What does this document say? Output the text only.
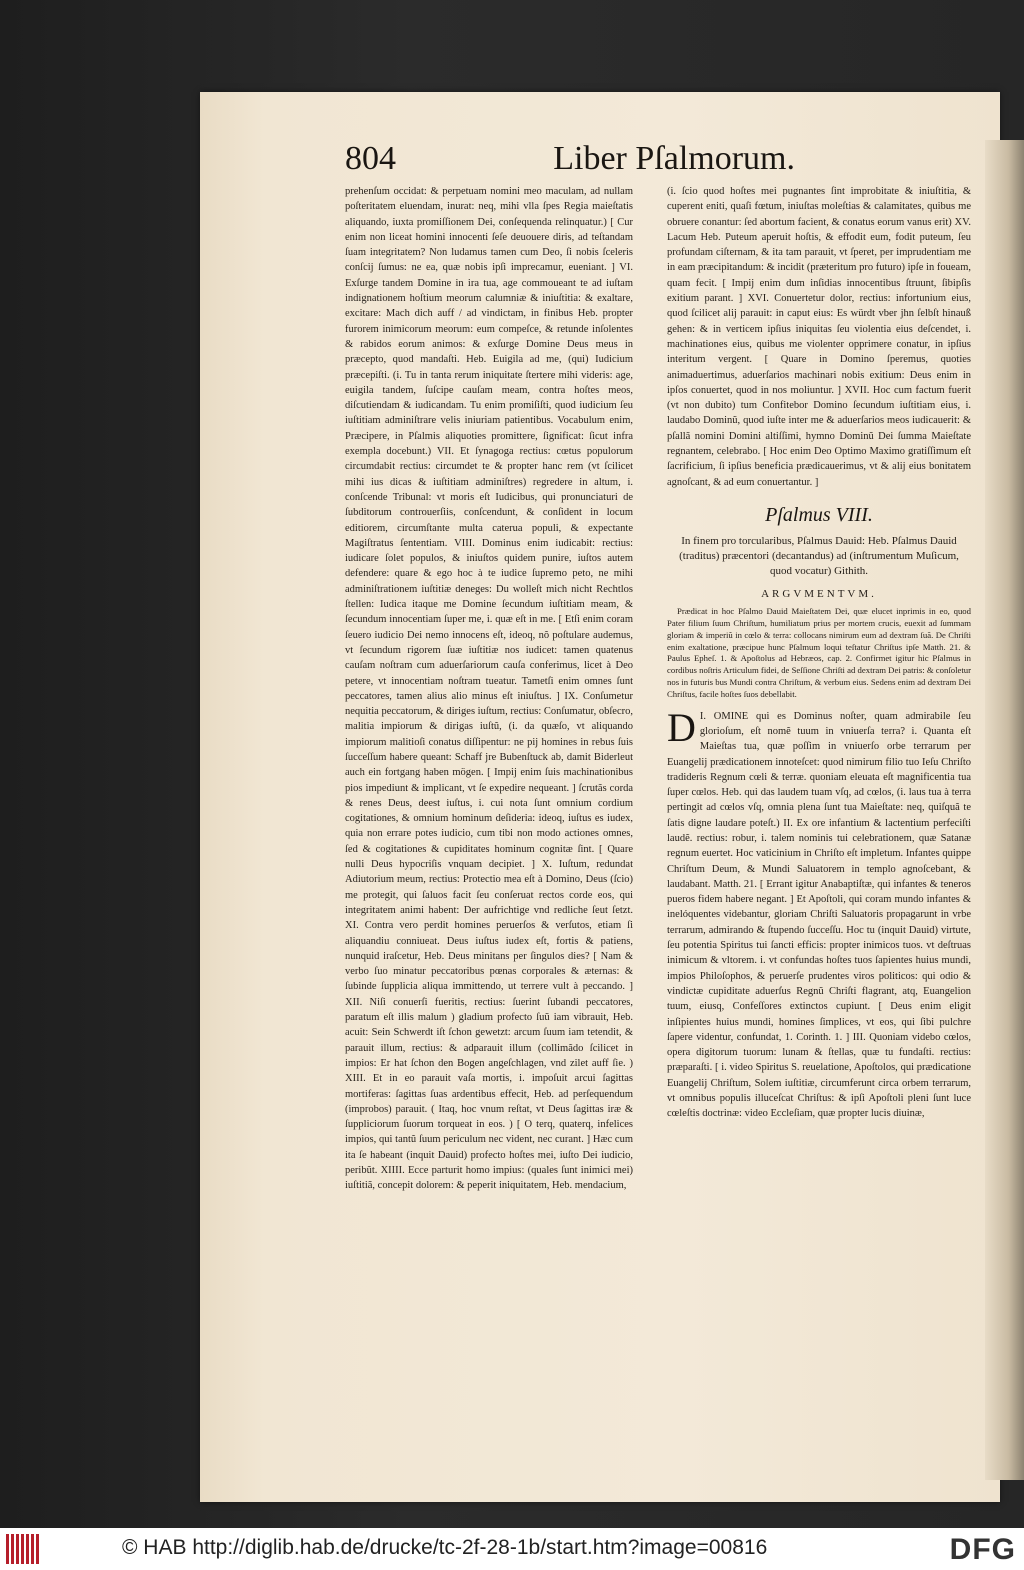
804	Liber Pſalmorum.

prehenſum occidat: & perpetuam nomini meo maculam, ad nullam poſteritatem eluendam, inurat: neq, mihi vlla ſpes Regia maieſtatis aliquando, iuxta promiſſionem Dei, conſequenda relinquatur.) [ Cur enim non liceat homini innocenti ſeſe deuouere diris, ad teſtandam ſuam integritatem? Non ludamus tamen cum Deo, ſi nobis ſceleris conſcij ſumus: ne ea, quæ nobis ipſi imprecamur, eueniant. ] VI. Exſurge tandem Domine in ira tua, age commoueant te ad iuſtam indignationem hoſtium meorum calumniæ & iniuſtitia: & exaltare, excitare: Mach dich auff / ad vindictam, in finibus Heb. propter furorem inimicorum meorum: eum compeſce, & retunde inſolentes & rabidos eorum animos: & exſurge Domine Deus meus in præcepto, quod mandaſti. Heb. Euigila ad me, (qui) Iudicium præcepiſti. (i. Tu in tanta rerum iniquitate ſtertere mihi videris: age, euigila tandem, ſuſcipe cauſam meam, contra hoſtes meos, diſcutiendam & iudicandam. Tu enim promiſiſti, quod iudicium ſeu iuſtitiam adminiſtrare velis iniuriam patientibus. Vocabulum enim, Præcipere, in Pſalmis aliquoties promittere, ſignificat: ſicut infra exempla docebunt.) VII. Et ſynagoga rectius: cœtus populorum circumdabit rectius: circumdet te & propter hanc rem (vt ſcilicet mihi ius dicas & iuſtitiam adminiſtres) regredere in altum, i. conſcende Tribunal: vt moris eſt Iudicibus, qui pronunciaturi de ſubditorum controuerſiis, conſcendunt, & conſident in locum editiorem, circumſtante multa caterua populi, & expectante Magiſtratus ſententiam. VIII. Dominus enim iudicabit: rectius: iudicare ſolet populos, & iniuſtos quidem punire, iuſtos autem defendere: quare & ego hoc à te iudice ſupremo peto, ne mihi adminiſtrationem iuſtitiæ deneges: Du wolleſt mich nicht Rechtlos ſtellen: Iudica itaque me Domine ſecundum iuſtitiam meam, & ſecundum innocentiam ſuper me, i. quæ eſt in me. [ Etſi enim coram ſeuero iudicio Dei nemo innocens eſt, ideoq, nõ poſtulare audemus, vt ſecundum rigorem ſuæ iuſtitiæ nos iudicet: tamen quatenus cauſam noſtram cum aduerſariorum cauſa conferimus, licet à Deo petere, vt innocentiam noſtram tueatur. Tametſi enim omnes ſunt peccatores, tamen alius alio minus eſt iniuſtus. ] IX. Conſumetur nequitia peccatorum, & diriges iuſtum, rectius: Conſumatur, obſecro, malitia impiorum & dirigas iuſtũ, (i. da quæſo, vt aliquando impiorum malitioſi conatus diſſipentur: ne pij homines in rebus ſuis ſucceſſum habere queant: Schaff jre Bubenſtuck ab, damit Biderleut auch ein fortgang haben mögen. [ Impij enim ſuis machinationibus pios impediunt & implicant, vt ſe expedire nequeant. ] ſcrutãs corda & renes Deus, deest iuſtus, i. cui nota ſunt omnium cordium cogitationes, & omnium hominum deſideria: ideoq, iuſtus es iudex, quia non errare potes iudicio, cum tibi non modo actiones omnes, ſed & cogitationes & cupiditates hominum cognitæ ſint. [ Quare nulli Deus hypocriſis vnquam decipiet. ] X. Iuſtum, redundat Adiutorium meum, rectius: Protectio mea eſt à Domino, Deus (ſcio) me protegit, qui ſaluos facit ſeu conſeruat rectos corde eos, qui integritatem animi habent: Der aufrichtige vnd redliche ſeut ſetzt. XI. Contra vero perdit homines peruerſos & verſutos, etiam ſi aliquandiu conniueat. Deus iuſtus iudex eſt, fortis & patiens, nunquid iraſcetur, Heb. Deus minitans per ſingulos dies? [ Nam & verbo ſuo minatur peccatoribus pœnas corporales & æternas: & ſubinde ſupplicia aliqua immittendo, ut terrere vult à peccando. ] XII. Niſi conuerſi fueritis, rectius: ſuerint ſubandi peccatores, paratum eſt illis malum ) gladium profecto ſuũ iam vibrauit, Heb. acuit: Sein Schwerdt iſt ſchon gewetzt: arcum ſuum iam tetendit, & parauit illum, rectius: & adparauit illum (collimãdo ſcilicet in impios: Er hat ſchon den Bogen angeſchlagen, vnd zilet auff ſie. ) XIII. Et in eo parauit vaſa mortis, i. impoſuit arcui ſagittas mortiferas: ſagittas ſuas ardentibus effecit, Heb. ad perſequendum (improbos) parauit. ( Itaq, hoc vnum reſtat, vt Deus ſagittas iræ & ſuppliciorum ſuorum torqueat in eos. ) [ O terq, quaterq, infelices impios, qui tantũ ſuum periculum nec vident, nec curant. ] Hæc cum ita ſe habeant (inquit Dauid) profecto hoſtes mei, iuſto Dei iudicio, peribũt. XIIII. Ecce parturit homo impius: (quales ſunt inimici mei) iuſtitiã, concepit dolorem: & peperit iniquitatem, Heb. mendacium,

(i. ſcio quod hoſtes mei pugnantes ſint improbitate & iniuſtitia, & cuperent eniti, quaſi fœtum, iniuſtas moleſtias & calamitates, quibus me obruere conantur: ſed abortum facient, & conatus eorum vanus erit) XV. Lacum Heb. Puteum aperuit hoſtis, & effodit eum, fodit puteum, ſeu profundam ciſternam, & ita tam parauit, vt ſperet, per imprudentiam me in eam præcipitandum: & incidit (præteritum pro futuro) ipſe in foueam, quam fecit. [ Impij enim dum inſidias innocentibus ſtruunt, ſibipſis exitium parant. ] XVI. Conuertetur dolor, rectius: infortunium eius, quod ſcilicet alij parauit: in caput eius: Es würdt vber jhn ſelbſt hinauß gehen: & in verticem ipſius iniquitas ſeu violentia eius deſcendet, i. machinationes eius, quibus me violenter opprimere conatur, in ipſius interitum vergent. [ Quare in Domino ſperemus, quoties animaduertimus, aduerſarios machinari nobis exitium: Deus enim in ipſos conuertet, quod in nos moliuntur. ] XVII. Hoc cum factum fuerit (vt non dubito) tum Confitebor Domino ſecundum iuſtitiam eius, i. laudabo Dominũ, quod iuſte inter me & aduerſarios meos iudicauerit: & pſallã nomini Domini altiſſimi, hymno Dominũ Dei ſumma Maieſtate regnantem, celebrabo. [ Hoc enim Deo Optimo Maximo gratiſſimum eſt ſacrificium, ſi ipſius beneficia prædicauerimus, vt & alij eius bonitatem agnoſcant, & ad eum conuertantur. ]

Pſalmus VIII.
In finem pro torcularibus, Pſalmus Dauid: Heb. Pſalmus Dauid (traditus) præcentori (decantandus) ad (inſtrumentum Muſicum, quod vocatur) Githith.
ARGVMENTVM.
Prædicat in hoc Pſalmo Dauid Maieſtatem Dei, quæ elucet inprimis in eo, quod Pater filium ſuum Chriſtum, humiliatum prius per mortem crucis, euexit ad ſummam gloriam & imperiũ in cœlo & terra: collocans nimirum eum ad dextram ſuã. De Chriſti enim exaltatione, præcipue hunc Pſalmum loqui teſtatur Chriſtus ipſe Matth. 21. & Paulus Epheſ. 1. & Apoſtolus ad Hebræos, cap. 2. Confirmet igitur hic Pſalmus in cordibus noſtris Articulum fidei, de Seſſione Chriſti ad dextram Dei patris: & conſoletur nos in futuris bus Mundi contra Chriſtum, & verbum eius. Sedens enim ad dextram Dei Chriſtus, facile hoſtes ſuos debellabit.
I.
D OMINE qui es Dominus noſter, quam admirabile ſeu glorioſum, eſt nomẽ tuum in vniuerſa terra? i. Quanta eſt Maieſtas tua, quæ poſſim in vniuerſo orbe terrarum per Euangelij prædicationem innoteſcet: quod nimirum filio tuo Ieſu Chriſto tradideris Regnum cœli & terræ. quoniam eleuata eſt magnificentia tua ſuper cœlos. Heb. qui das laudem tuam vſq, ad cœlos, (i. laus tua à terra pertingit ad cœlos vſq, omnia plena ſunt tua Maieſtate: neq, quiſquã te ſatis digne laudare poteſt.) II. Ex ore infantium & lactentium perfeciſti laudẽ. rectius: robur, i. talem nominis tui celebrationem, quæ Satanæ regnum euertet. Hoc vaticinium in Chriſto eſt impletum. Infantes quippe Chriſtum Deum, & Mundi Saluatorem in templo agnoſcebant, & laudabant. Matth. 21. [ Errant igitur Anabaptiſtæ, qui infantes & teneros pueros fidem habere negant. ] Et Apoſtoli, qui coram mundo infantes & inelóquentes videbantur, gloriam Chriſti Saluatoris propagarunt in vrbe terrarum, admirando & ſtupendo ſucceſſu. Hoc tu (inquit Dauid) virtute, ſeu potentia Spiritus tui ſancti efficis: propter inimicos tuos. vt deſtruas inimicum & vltorem. i. vt confundas hoſtes tuos ſapientes huius mundi, impios Philoſophos, & peruerſe prudentes viros politicos: qui odio & vindictæ cupiditate aduerſus Regnũ Chriſti flagrant, atq, Euangelion tuum, eiusq, Confeſſores extinctos cupiunt. [ Deus enim eligit inſipientes huius mundi, homines ſimplices, vt eos, qui ſibi pulchre ſapere videntur, confundat, 1. Corinth. 1. ] III. Quoniam videbo cœlos, opera digitorum tuorum: lunam & ſtellas, quæ tu fundaſti. rectius: præparaſti. [ i. video Spiritus S. reuelatione, Apoſtolos, qui prædicatione Euangelij Chriſtum, Solem iuſtitiæ, circumferunt circa orbem terrarum, vt omnibus populis illuceſcat Chriſtus: & ipſi Apoſtoli pleni ſunt luce cœleſtis doctrinæ: video Eccleſiam, quæ propter lucis diuinæ,
© HAB http://diglib.hab.de/drucke/tc-2f-28-1b/start.htm?image=00816	DFG
